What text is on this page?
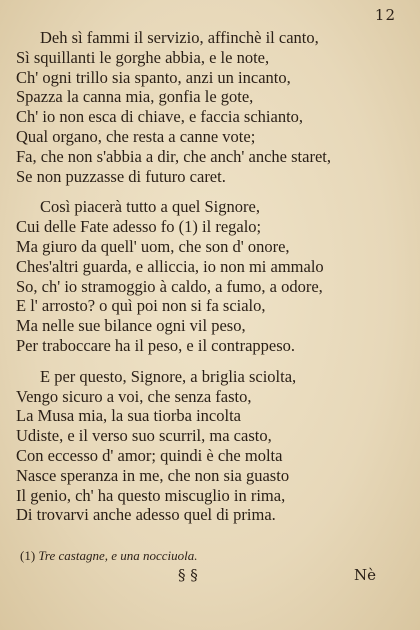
12
Deh sì fammi il servizio, affinchè il canto,
Sì squillanti le gorghe abbia, e le note,
Ch' ogni trillo sia spanto, anzi un incanto,
Spazza la canna mia, gonfia le gote,
Ch' io non esca di chiave, e faccia schianto,
Qual organo, che resta a canne vote;
Fa, che non s'abbia a dir, che anch' anche staret,
Se non puzzasse di futuro caret.
Così piacerà tutto a quel Signore,
Cui delle Fate adesso fo (1) il regalo;
Ma giuro da quell' uom, che son d' onore,
Ches'altri guarda, e alliccia, io non mi ammalo
So, ch' io stramoggio à caldo, a fumo, a odore,
E l' arrosto? o quì poi non si fa scialo,
Ma nelle sue bilance ogni vil peso,
Per traboccare ha il peso, e il contrappeso.
E per questo, Signore, a briglia sciolta,
Vengo sicuro a voi, che senza fasto,
La Musa mia, la sua tiorba incolta
Udiste, e il verso suo scurril, ma casto,
Con eccesso d' amor; quindi è che molta
Nasce speranza in me, che non sia guasto
Il genio, ch' ha questo miscuglio in rima,
Di trovarvi anche adesso quel di prima.
(1) Tre castagne, e una nocciuola.
§ §	Nè
